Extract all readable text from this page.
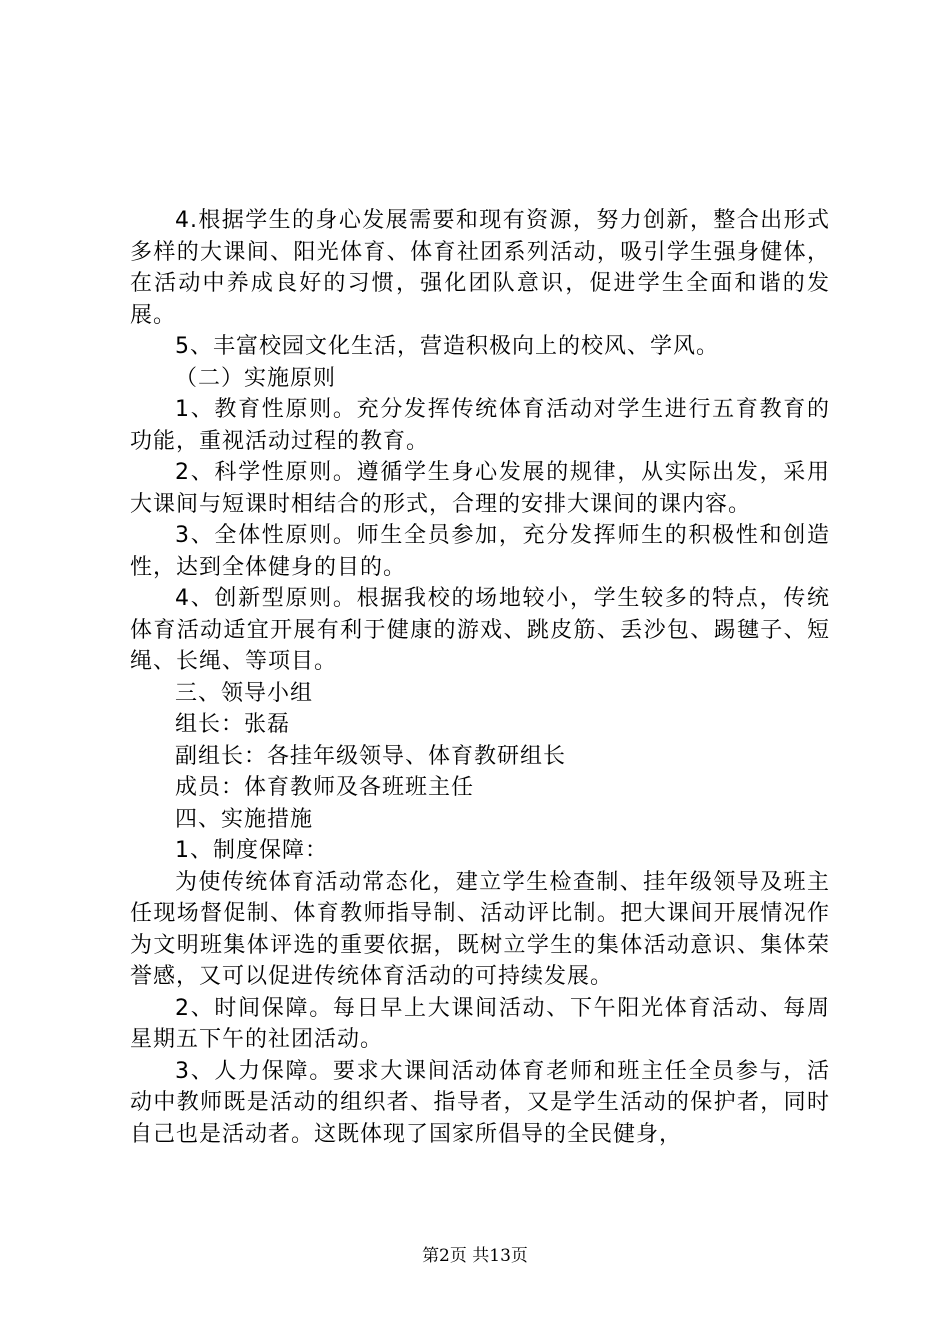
4.根据学生的身心发展需要和现有资源，努力创新，整合出形式多样的大课间、阳光体育、体育社团系列活动，吸引学生强身健体，在活动中养成良好的习惯，强化团队意识，促进学生全面和谐的发展。

5、丰富校园文化生活，营造积极向上的校风、学风。

（二）实施原则

1、教育性原则。充分发挥传统体育活动对学生进行五育教育的功能，重视活动过程的教育。

2、科学性原则。遵循学生身心发展的规律，从实际出发，采用大课间与短课时相结合的形式，合理的安排大课间的课内容。

3、全体性原则。师生全员参加，充分发挥师生的积极性和创造性，达到全体健身的目的。

4、创新型原则。根据我校的场地较小，学生较多的特点，传统体育活动适宜开展有利于健康的游戏、跳皮筋、丢沙包、踢毽子、短绳、长绳、等项目。

三、领导小组

组长：张磊

副组长：各挂年级领导、体育教研组长

成员：体育教师及各班班主任

四、实施措施

1、制度保障：

为使传统体育活动常态化，建立学生检查制、挂年级领导及班主任现场督促制、体育教师指导制、活动评比制。把大课间开展情况作为文明班集体评选的重要依据，既树立学生的集体活动意识、集体荣誉感，又可以促进传统体育活动的可持续发展。

2、时间保障。每日早上大课间活动、下午阳光体育活动、每周星期五下午的社团活动。

3、人力保障。要求大课间活动体育老师和班主任全员参与，活动中教师既是活动的组织者、指导者，又是学生活动的保护者，同时自己也是活动者。这既体现了国家所倡导的全民健身，

第2页 共13页
